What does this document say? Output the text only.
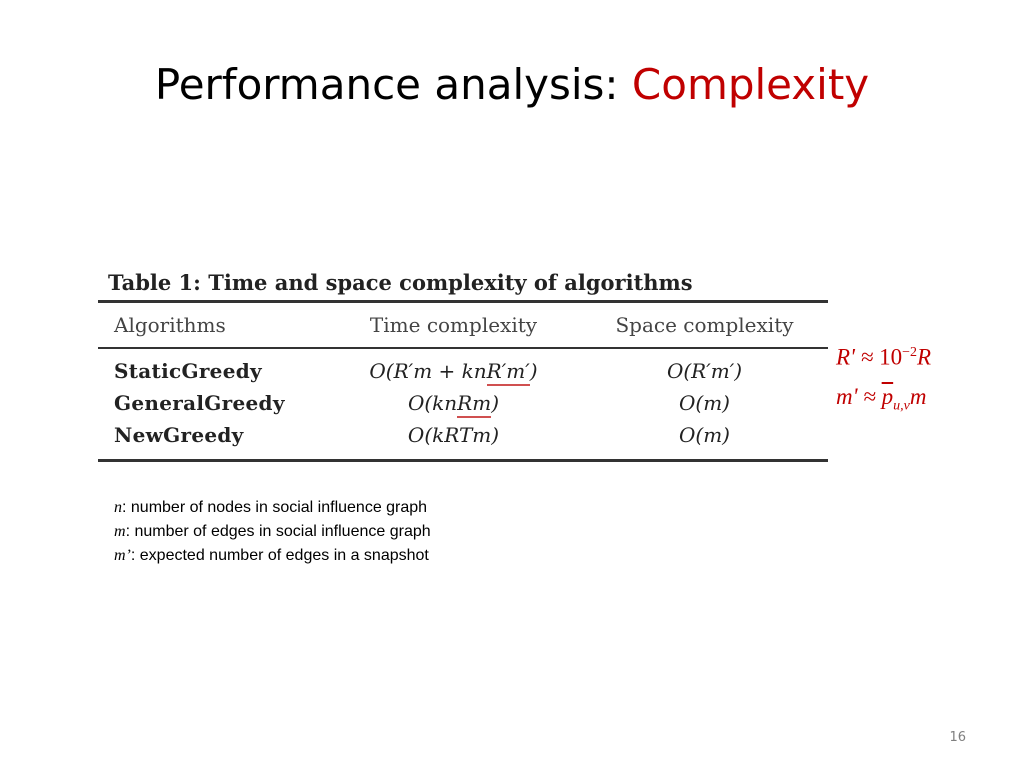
Performance analysis: Complexity
Table 1: Time and space complexity of algorithms
Algorithms	Time complexity	Space complexity
StaticGreedy	O(R′m + knR′m′)	O(R′m′)
GeneralGreedy	O(knRm)	O(m)
NewGreedy	O(kRTm)	O(m)
$R' \approx 10^{-2}R$
$m' \approx \overline{p}_{u,v}m$
n: number of nodes in social influence graph
m: number of edges in social influence graph
m’: expected number of edges in a snapshot
16
